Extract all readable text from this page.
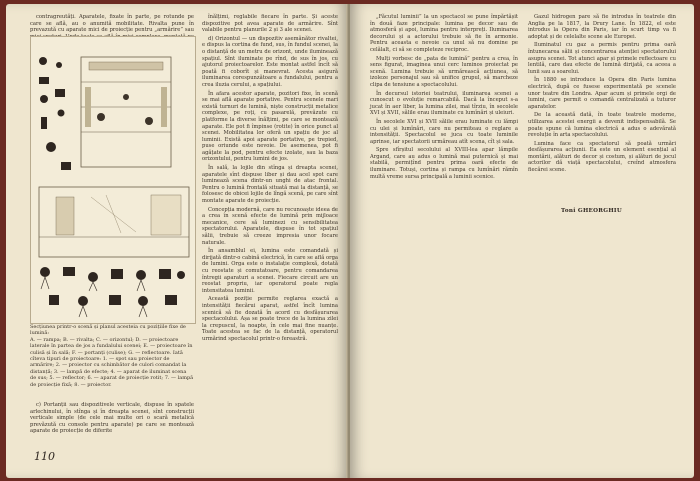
contragreutăți. Aparatele, fixate în parte, pe rotunde pe care se află, au o anumită mobilitate. Rivalta pune în prevazută cu aparate mici de proiecție pentru „armărire” sau

Secțiunea printr-o scenă și planul acesteia cu pozițiile fixe de lumină:

A. — rampa; B. — rivalta; C. — orizontul; D. — proiectoare laterale în partea de jos a fundalului scenei; E. — proiectoare în culisă și în sală; F. — portanți (culise); G. — reflectoare. Iată cîteva tipuri de proiectoare: 1. — spot sau proiector de armărire; 2. — proiector cu schimbător de culori comandat la distanță; 3. — lampă de efecte; 4. — aparat de iluminat scena de sus; 5. — reflector; 6. — aparat de proiecție rotit; 7. — lampă de proiecție fixă; 8. — proiector.

c) Portanții sau dispozitivele verticale, dispuse în spatele arlechinului, în stînga și în dreapta scenei, sînt construcții verticale simple (de cele mai multe ori o scară metalică prevăzută cu console pentru aparate) pe care se montează aparate de proiecție de diferite

înălțimi, reglabile fiecare în parte. Și aceste dispozitive pot avea aparate de armărire. Sînt valabile pentru planurile 2 și 3 ale scenei.

d) Orizontul — un dispozitiv asemănător rivaltei, e dispus la cortina de fund, sus, în fundul scenei, la o distanță de un metru de orizont, unde iluminează spațiul. Sînt iluminate pe rînd, de sus în jos, cu ajutorul proiectoarelor. Este montat astfel încît să poată fi coborît și manevrat. Acesta asigură iluminarea corespunzătoare a fundalului, pentru a crea iluzia cerului, a spațiului.

În afara acestor aparate, pozitori fixe, în scenă se mai află aparate portative. Pentru scenele mari există turnuri de lumină, niște construcții metalice complexe, pe roți, cu pasarelă, prevăzute cu platforme la diverse înălțimi, pe care se montează aparate. Ele pot fi împinse (rotite) în orice punct al scenei. Mobilitatea lor oferă un spațiu de joc al luminii. Există apoi aparate portative, pe trepied, puse oriunde este nevoie. De asemenea, pot fi agățate la pod, pentru efecte izolate, sau la baza orizontului, pentru lumini de jos.

În sală, la lojile din stînga și dreapta scenei, aparatele sînt dispuse liber și dau acel spot care luminează scena dintr-un unghi de atac frontal. Pentru o lumină frontală situată mai la distanță, se folosesc de obicei lojile de lîngă scenă, pe care sînt montate aparate de proiecție.

Concepția modernă, care nu recunoaște ideea de a crea în scenă efecte de lumină prin mijloace mecanice, cere să luminezi cu sensibilitatea spectatorului. Aparatele, dispuse în tot spațiul sălii, trebuie să creeze impresia unor focare naturale.

În ansamblul ei, lumina este comandată și dirijată dintr-o cabină electrică, în care se află orga de lumini. Orga este o instalație complexă, dotată cu reostate și comutatoare, pentru comandarea întregii aparaturi a scenei. Fiecare circuit are un reostat propriu, iar operatorul poate regla intensitatea luminii.

Această poziție permite reglarea exactă a intensității fiecărui aparat, astfel încît lumina scenică să fie dozată în acord cu desfășurarea spectacolului. Așa se poate trece de la lumina zilei la crepuscul, la noapte, în cele mai fine nuanțe. Toate acestea se fac de la distanță, operatorul urmărind spectacolul printr-o fereastră.

110

„Făcutul luminii” la un spectacol se pune împărtășit în două faze principale: lumina pe decor sau de atmosferă și apoi, lumina pentru interpreți. Iluminarea decorului și a actorului trebuie să fie în armonie. Pentru aceasta e nevoie ca unul să nu domine pe celălalt, ci să se completeze reciproc.

Mulți vorbesc de „pata de lumină” pentru a crea, în sens figurat, imaginea unui cerc luminos proiectat pe scenă. Lumina trebuie să urmărească acțiunea, să izoleze personajul sau să unifice grupul, să marcheze clipa de tensiune a spectacolului.

În decursul istoriei teatrului, iluminarea scenei a cunoscut o evoluție remarcabilă. Dacă la început s-a jucat în aer liber, la lumina zilei, mai tîrziu, în secolele XVI și XVII, sălile erau iluminate cu lumînări și uleiuri.

În secolele XVI și XVII sălile erau luminate cu lămpi cu ulei și lumînări, care nu permiteau o reglare a intensității. Spectacolul se juca cu toate luminile aprinse, iar spectatorii urmăreau atît scena, cît și sala.

Spre sfîrșitul secolului al XVIII-lea apar lămpile Argand, care au adus o lumină mai puternică și mai stabilă, permițînd pentru prima oară efecte de iluminare. Totuși, cortina și rampa cu lumînări rămîn multă vreme sursa principală a luminii scenice.

Gazul hidrogen pare să fie introdus în teatrele din Anglia pe la 1817, la Drury Lane. În 1822, el este introdus la Opera din Paris, iar în scurt timp va fi adoptat și de celelalte scene ale Europei.

Iluminatul cu gaz a permis pentru prima oară întunecarea sălii și concentrarea atenției spectatorului asupra scenei. Tot atunci apar și primele reflectoare cu lentilă, care dau efecte de lumină dirijată, ca aceea a lunii sau a soarelui.

În 1880 se introduce la Opera din Paris lumina electrică, după ce fusese experimentată pe scenele unor teatre din Londra. Apar acum și primele orgi de lumini, care permit o comandă centralizată a tuturor aparatelor.

De la această dată, în toate teatrele moderne, utilizarea acestei energii a devenit indispensabilă. Se poate spune că lumina electrică a adus o adevărată revoluție în arta spectacolului.

Lumina face ca spectatorul să poată urmări desfășurarea acțiunii. Ea este un element esențial al montării, alături de decor și costum, și alături de jocul actorilor dă viață spectacolului, creînd atmosfera fiecărei scene.

Toni GHEORGHIU
